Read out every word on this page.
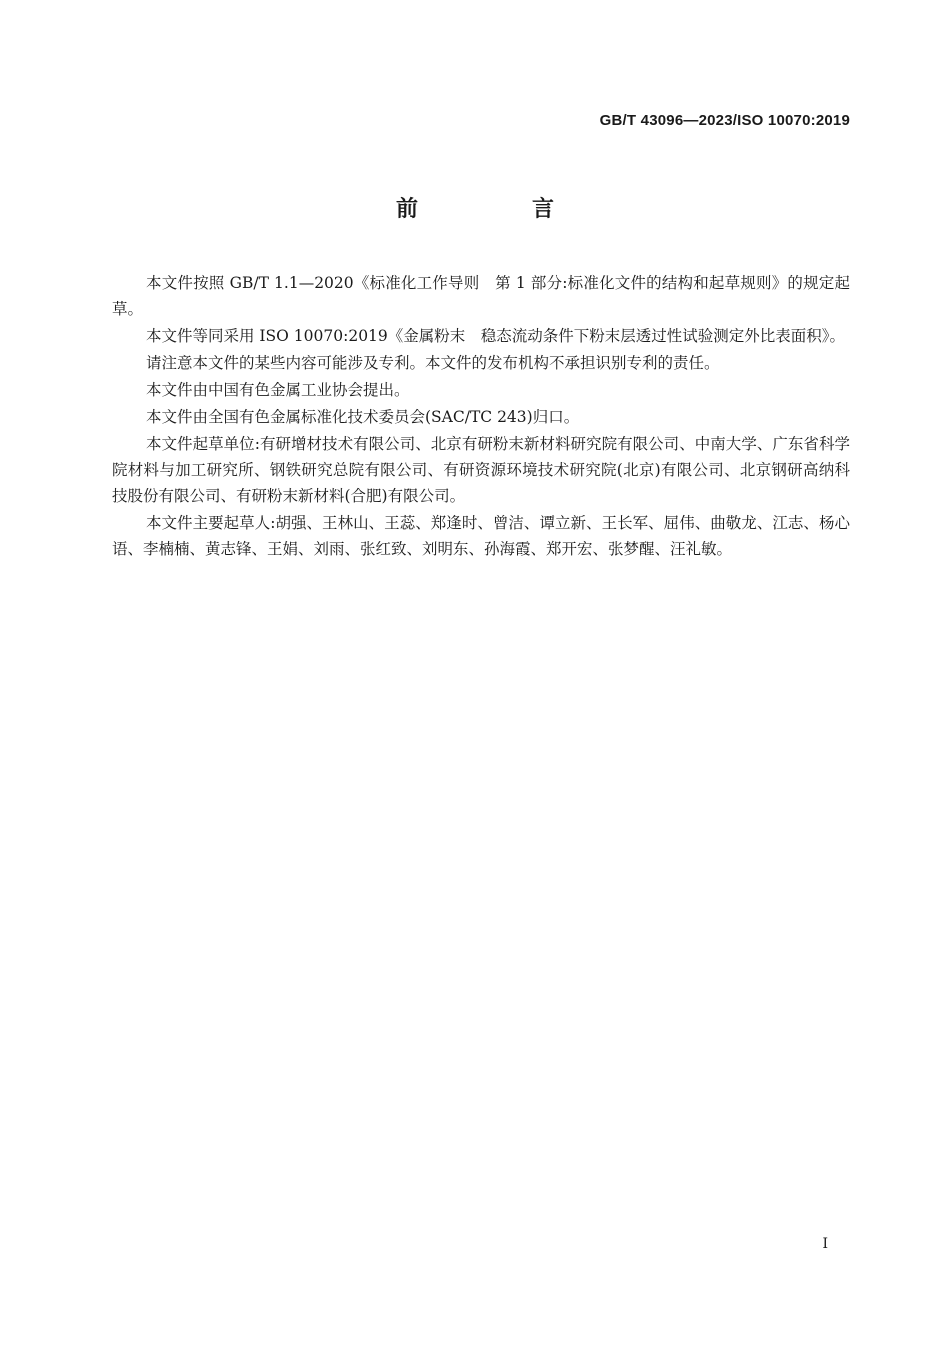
GB/T 43096—2023/ISO 10070:2019
前　言

本文件按照 GB/T 1.1—2020《标准化工作导则　第 1 部分:标准化文件的结构和起草规则》的规定起草。

本文件等同采用 ISO 10070:2019《金属粉末　稳态流动条件下粉末层透过性试验测定外比表面积》。

请注意本文件的某些内容可能涉及专利。本文件的发布机构不承担识别专利的责任。

本文件由中国有色金属工业协会提出。

本文件由全国有色金属标准化技术委员会(SAC/TC 243)归口。

本文件起草单位:有研增材技术有限公司、北京有研粉末新材料研究院有限公司、中南大学、广东省科学院材料与加工研究所、钢铁研究总院有限公司、有研资源环境技术研究院(北京)有限公司、北京钢研高纳科技股份有限公司、有研粉末新材料(合肥)有限公司。

本文件主要起草人:胡强、王林山、王蕊、郑逢时、曾洁、谭立新、王长军、屈伟、曲敬龙、江志、杨心语、李楠楠、黄志锋、王娟、刘雨、张红致、刘明东、孙海霞、郑开宏、张梦醒、汪礼敏。

I
